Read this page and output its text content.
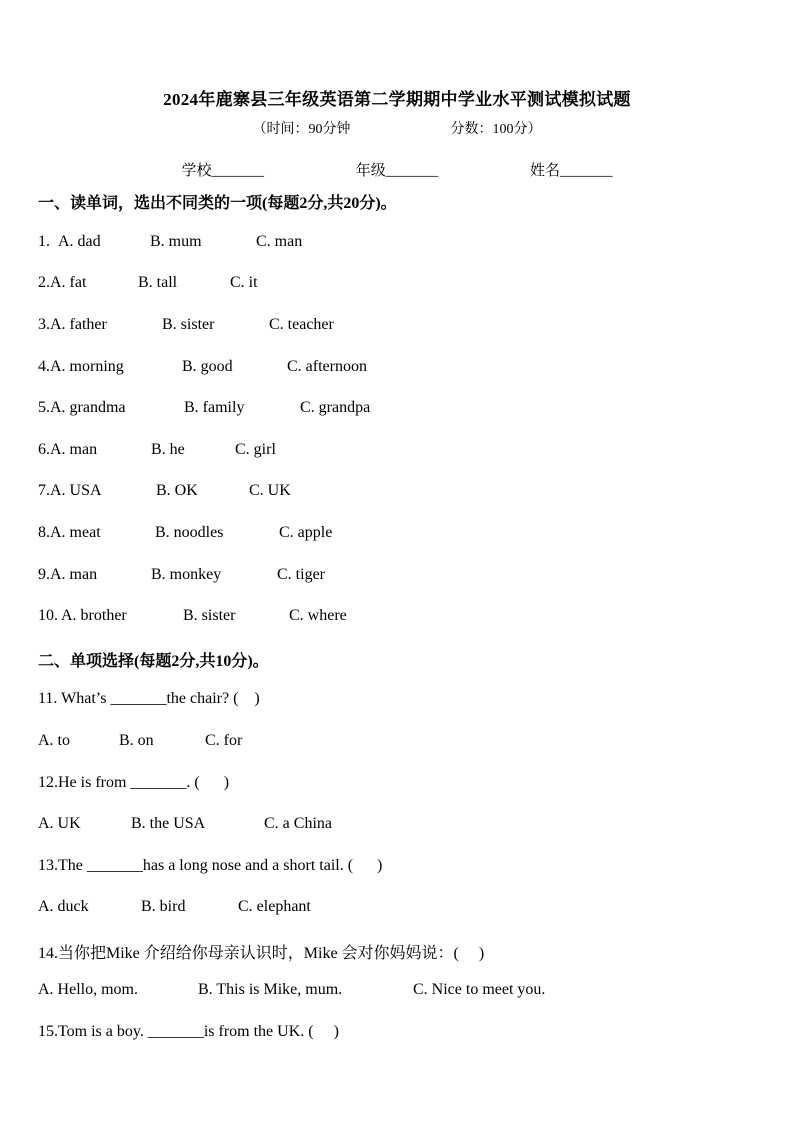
2024年鹿寨县三年级英语第二学期期中学业水平测试模拟试题
（时间：90分钟	分数：100分）
学校_______	年级_______	姓名_______
一、读单词，选出不同类的一项(每题2分,共20分)。
1. A. dad	B. mum	C. man
2. A. fat	B. tall	C. it
3. A. father	B. sister	C. teacher
4. A. morning	B. good	C. afternoon
5. A. grandma	B. family	C. grandpa
6. A. man	B. he	C. girl
7. A. USA	B. OK	C. UK
8. A. meat	B. noodles	C. apple
9. A. man	B. monkey	C. tiger
10. A. brother	B. sister	C. where
二、单项选择(每题2分,共10分)。
11. What’s _______the chair? (    )
A. to	B. on	C. for
12.He is from _______. (      )
A. UK	B. the USA	C. a China
13.The _______has a long nose and a short tail. (      )
A. duck	B. bird	C. elephant
14.当你把Mike 介绍给你母亲认识时，Mike 会对你妈妈说：(     )
A. Hello, mom.	B. This is Mike, mum.	C. Nice to meet you.
15.Tom is a boy. _______is from the UK. (     )
